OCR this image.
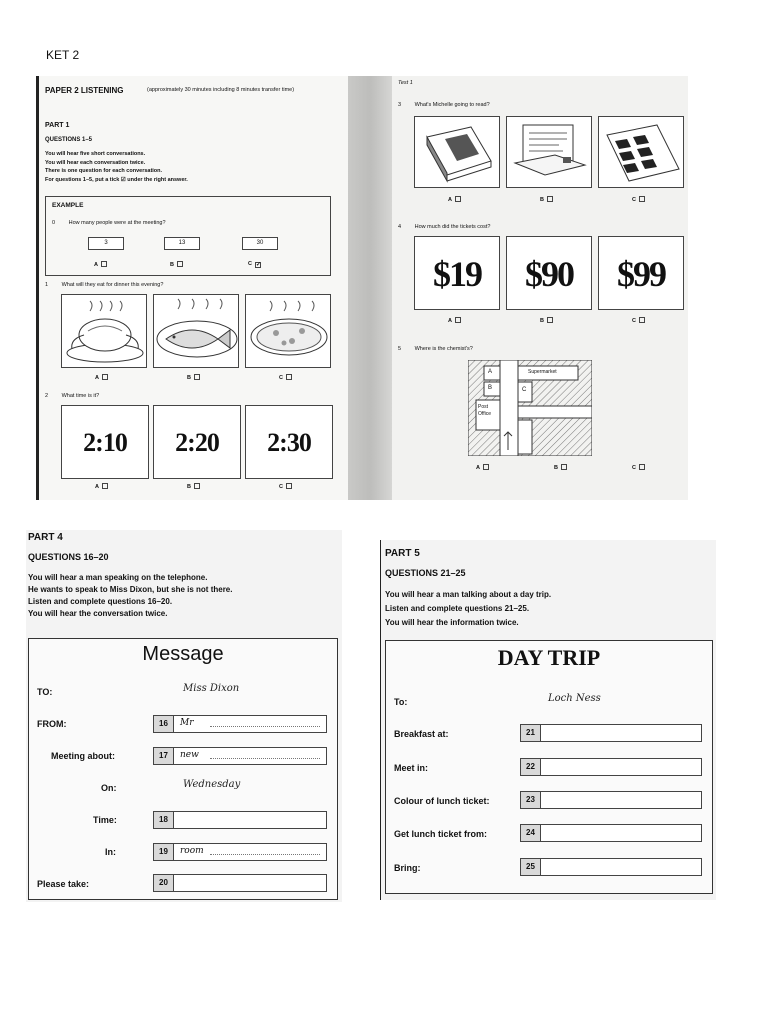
KET 2
PAPER 2 LISTENING	(approximately 30 minutes including 8 minutes transfer time)
PART 1
QUESTIONS 1–5
You will hear five short conversations.
You will hear each conversation twice.
There is one question for each conversation.
For questions 1–5, put a tick ☑ under the right answer.
EXAMPLE
0 How many people were at the meeting?
3	13	30
A	B	C ✓
1 What will they eat for dinner this evening?
A	B	C
2 What time is it?
2:10	2:20	2:30
A	B	C
Test 1
3 What's Michelle going to read?
A	B	C
4 How much did the tickets cost?
$19	$90	$99
A	B	C
5 Where is the chemist's?
A
B	C
Supermarket
Post Office
A	B	C
PART 4
QUESTIONS 16–20
You will hear a man speaking on the telephone.
He wants to speak to Miss Dixon, but she is not there.
Listen and complete questions 16–20.
You will hear the conversation twice.
Message
TO:	Miss Dixon
FROM:	16	Mr
Meeting about:	17	new
On:	Wednesday
Time:	18
In:	19	room
Please take:	20
PART 5
QUESTIONS 21–25
You will hear a man talking about a day trip.
Listen and complete questions 21–25.
You will hear the information twice.
DAY TRIP
To:	Loch Ness
Breakfast at:	21
Meet in:	22
Colour of lunch ticket:	23
Get lunch ticket from:	24
Bring:	25
